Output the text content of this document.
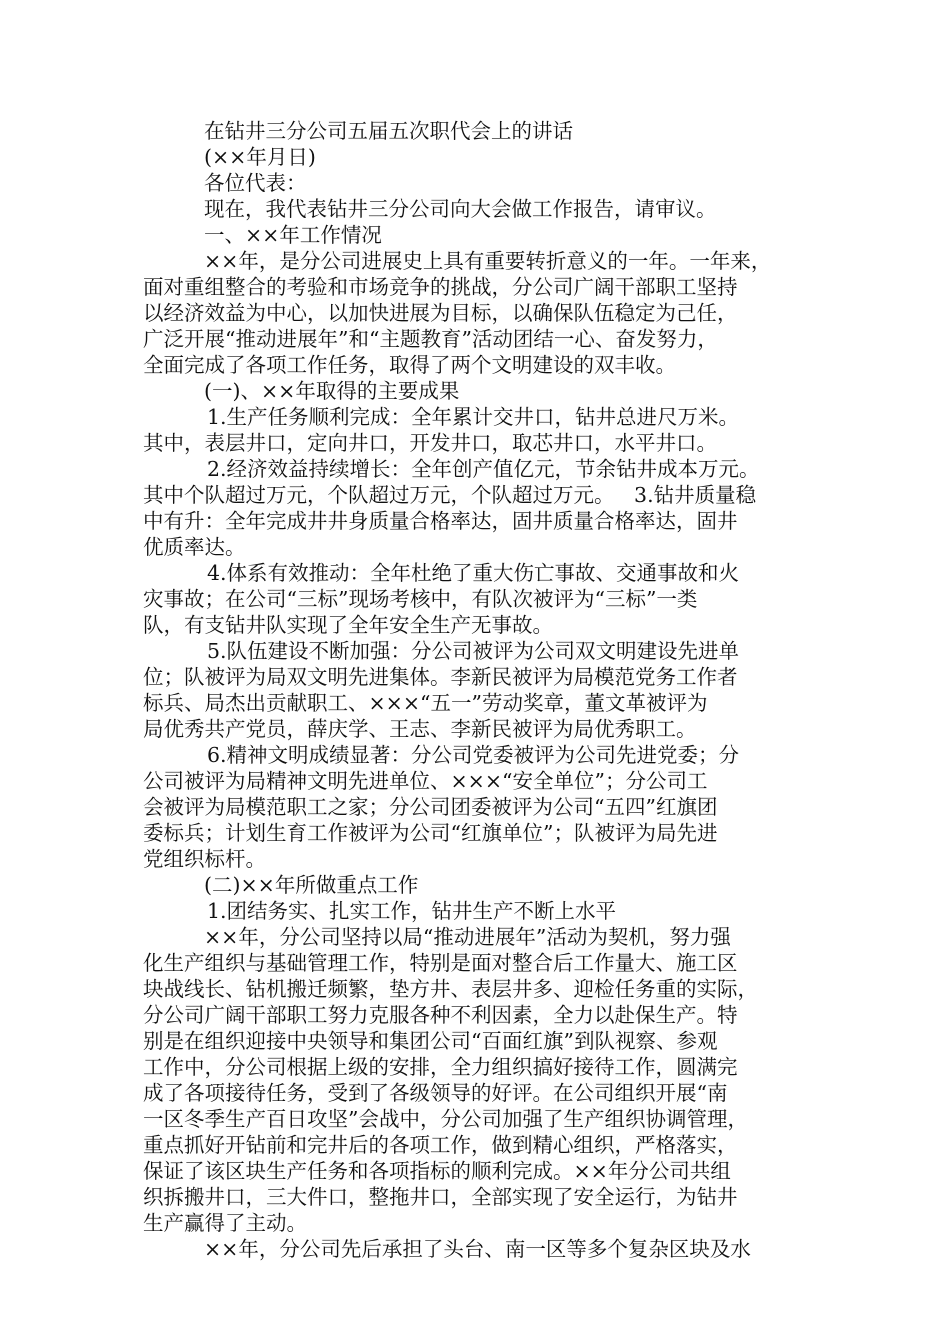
在钻井三分公司五届五次职代会上的讲话
(××年月日)
各位代表：
现在，我代表钻井三分公司向大会做工作报告，请审议。
一、××年工作情况
××年，是分公司进展史上具有重要转折意义的一年。一年来，
面对重组整合的考验和市场竞争的挑战，分公司广阔干部职工坚持
以经济效益为中心，以加快进展为目标，以确保队伍稳定为己任，
广泛开展“推动进展年”和“主题教育”活动团结一心、奋发努力，
全面完成了各项工作任务，取得了两个文明建设的双丰收。
(一)、××年取得的主要成果
1.生产任务顺利完成：全年累计交井口，钻井总进尺万米。
其中，表层井口，定向井口，开发井口，取芯井口，水平井口。
2.经济效益持续增长：全年创产值亿元，节余钻井成本万元。
其中个队超过万元，个队超过万元，个队超过万元。   3.钻井质量稳
中有升：全年完成井井身质量合格率达，固井质量合格率达，固井
优质率达。
4.体系有效推动：全年杜绝了重大伤亡事故、交通事故和火
灾事故；在公司“三标”现场考核中，有队次被评为“三标”一类
队，有支钻井队实现了全年安全生产无事故。
5.队伍建设不断加强：分公司被评为公司双文明建设先进单
位；队被评为局双文明先进集体。李新民被评为局模范党务工作者
标兵、局杰出贡献职工、×××“五一”劳动奖章，董文革被评为
局优秀共产党员，薛庆学、王志、李新民被评为局优秀职工。
6.精神文明成绩显著：分公司党委被评为公司先进党委；分
公司被评为局精神文明先进单位、×××“安全单位”；分公司工
会被评为局模范职工之家；分公司团委被评为公司“五四”红旗团
委标兵；计划生育工作被评为公司“红旗单位”；队被评为局先进
党组织标杆。
(二)××年所做重点工作
1.团结务实、扎实工作，钻井生产不断上水平
××年，分公司坚持以局“推动进展年”活动为契机，努力强
化生产组织与基础管理工作，特别是面对整合后工作量大、施工区
块战线长、钻机搬迁频繁，垫方井、表层井多、迎检任务重的实际，
分公司广阔干部职工努力克服各种不利因素，全力以赴保生产。特
别是在组织迎接中央领导和集团公司“百面红旗”到队视察、参观
工作中，分公司根据上级的安排，全力组织搞好接待工作，圆满完
成了各项接待任务，受到了各级领导的好评。在公司组织开展“南
一区冬季生产百日攻坚”会战中，分公司加强了生产组织协调管理，
重点抓好开钻前和完井后的各项工作，做到精心组织，严格落实，
保证了该区块生产任务和各项指标的顺利完成。××年分公司共组
织拆搬井口，三大件口，整拖井口，全部实现了安全运行，为钻井
生产赢得了主动。
××年，分公司先后承担了头台、南一区等多个复杂区块及水
